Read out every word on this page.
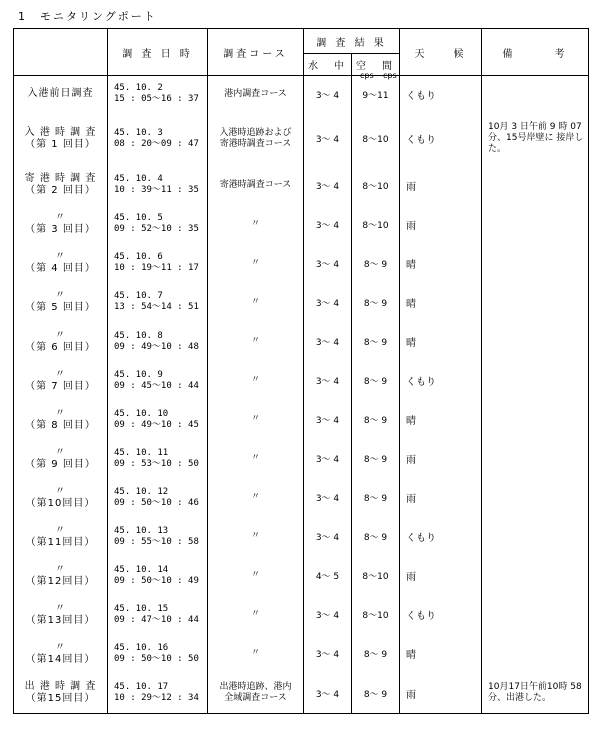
1　モニタリングポート
	調 査 日 時	調査コース	調 査 結 果		天　　候	備　　　考
			水　中	空　間		

入港前日調査	45. 10. 2
15 : 05～16 : 37	港内調査コース	3～ 4	9～11	くもり	

入 港 時 調 査
（第 1 回目）	45. 10. 3
08 : 20～09 : 47	入港時追跡および
寄港時調査コース	3～ 4	8～10	くもり	10月 3 日午前 9 時 07分、15号岸壁に 接岸した。

寄 港 時 調 査
（第 2 回目）	45. 10. 4
10 : 39～11 : 35	寄港時調査コース	3～ 4	8～10	雨	

〃
（第 3 回目）	45. 10. 5
09 : 52～10 : 35	〃	3～ 4	8～10	雨	

〃
（第 4 回目）	45. 10. 6
10 : 19～11 : 17	〃	3～ 4	8～ 9	晴	

〃
（第 5 回目）	45. 10. 7
13 : 54～14 : 51	〃	3～ 4	8～ 9	晴	

〃
（第 6 回目）	45. 10. 8
09 : 49～10 : 48	〃	3～ 4	8～ 9	晴	

〃
（第 7 回目）	45. 10. 9
09 : 45～10 : 44	〃	3～ 4	8～ 9	くもり	

〃
（第 8 回目）	45. 10. 10
09 : 49～10 : 45	〃	3～ 4	8～ 9	晴	

〃
（第 9 回目）	45. 10. 11
09 : 53～10 : 50	〃	3～ 4	8～ 9	雨	

〃
（第10回目）	45. 10. 12
09 : 50～10 : 46	〃	3～ 4	8～ 9	雨	

〃
（第11回目）	45. 10. 13
09 : 55～10 : 58	〃	3～ 4	8～ 9	くもり	

〃
（第12回目）	45. 10. 14
09 : 50～10 : 49	〃	4～ 5	8～10	雨	

〃
（第13回目）	45. 10. 15
09 : 47～10 : 44	〃	3～ 4	8～10	くもり	

〃
（第14回目）	45. 10. 16
09 : 50～10 : 50	〃	3～ 4	8～ 9	晴	

出 港 時 調 査
（第15回目）	45. 10. 17
10 : 29～12 : 34	出港時追跡、港内
全域調査コース	3～ 4	8～ 9	雨	10月17日午前10時 58分、出港した。
cps cps
